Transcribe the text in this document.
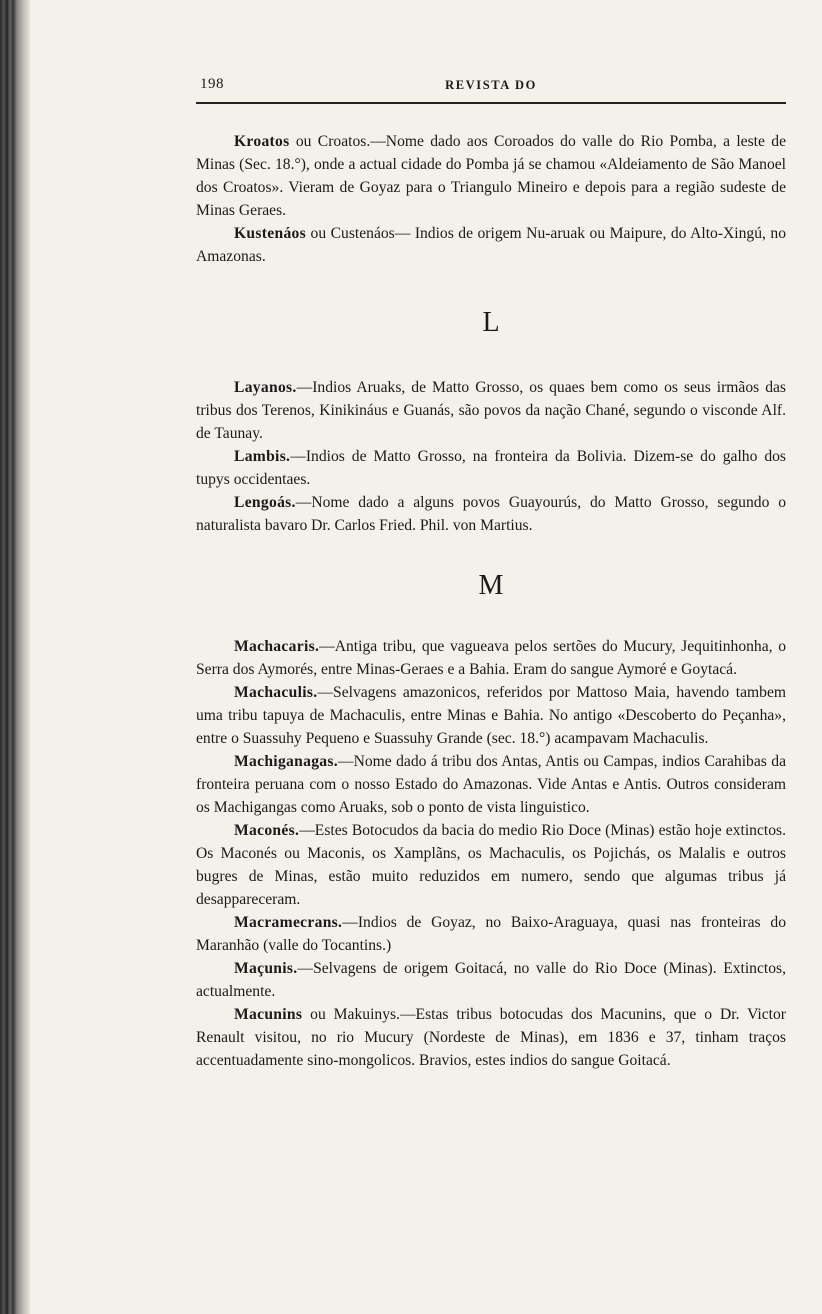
198	REVISTA DO

Kroatos ou Croatos.—Nome dado aos Coroados do valle do Rio Pomba, a leste de Minas (Sec. 18.°), onde a actual cidade do Pomba já se chamou «Aldeiamento de São Manoel dos Croatos». Vieram de Goyaz para o Triangulo Mineiro e depois para a região sudeste de Minas Geraes.

Kustenáos ou Custenáos— Indios de origem Nu-aruak ou Maipure, do Alto-Xingú, no Amazonas.

L

Layanos.—Indios Aruaks, de Matto Grosso, os quaes bem como os seus irmãos das tribus dos Terenos, Kinikináus e Guanás, são povos da nação Chané, segundo o visconde Alf. de Taunay.

Lambis.—Indios de Matto Grosso, na fronteira da Bolivia. Dizem-se do galho dos tupys occidentaes.

Lengoás.—Nome dado a alguns povos Guayourús, do Matto Grosso, segundo o naturalista bavaro Dr. Carlos Fried. Phil. von Martius.

M

Machacaris.—Antiga tribu, que vagueava pelos sertões do Mucury, Jequitinhonha, o Serra dos Aymorés, entre Minas-Geraes e a Bahia. Eram do sangue Aymoré e Goytacá.

Machaculis.—Selvagens amazonicos, referidos por Mattoso Maia, havendo tambem uma tribu tapuya de Machaculis, entre Minas e Bahia. No antigo «Descoberto do Peçanha», entre o Suassuhy Pequeno e Suassuhy Grande (sec. 18.°) acampavam Machaculis.

Machiganagas.—Nome dado á tribu dos Antas, Antis ou Campas, indios Carahibas da fronteira peruana com o nosso Estado do Amazonas. Vide Antas e Antis. Outros consideram os Machigangas como Aruaks, sob o ponto de vista linguistico.

Maconés.—Estes Botocudos da bacia do medio Rio Doce (Minas) estão hoje extinctos. Os Maconés ou Maconis, os Xamplãns, os Machaculis, os Pojichás, os Malalis e outros bugres de Minas, estão muito reduzidos em numero, sendo que algumas tribus já desappareceram.

Macramecrans.—Indios de Goyaz, no Baixo-Araguaya, quasi nas fronteiras do Maranhão (valle do Tocantins.)

Maçunis.—Selvagens de origem Goitacá, no valle do Rio Doce (Minas). Extinctos, actualmente.

Macunins ou Makuinys.—Estas tribus botocudas dos Macunins, que o Dr. Victor Renault visitou, no rio Mucury (Nordeste de Minas), em 1836 e 37, tinham traços accentuadamente sino-mongolicos. Bravios, estes indios do sangue Goitacá.
